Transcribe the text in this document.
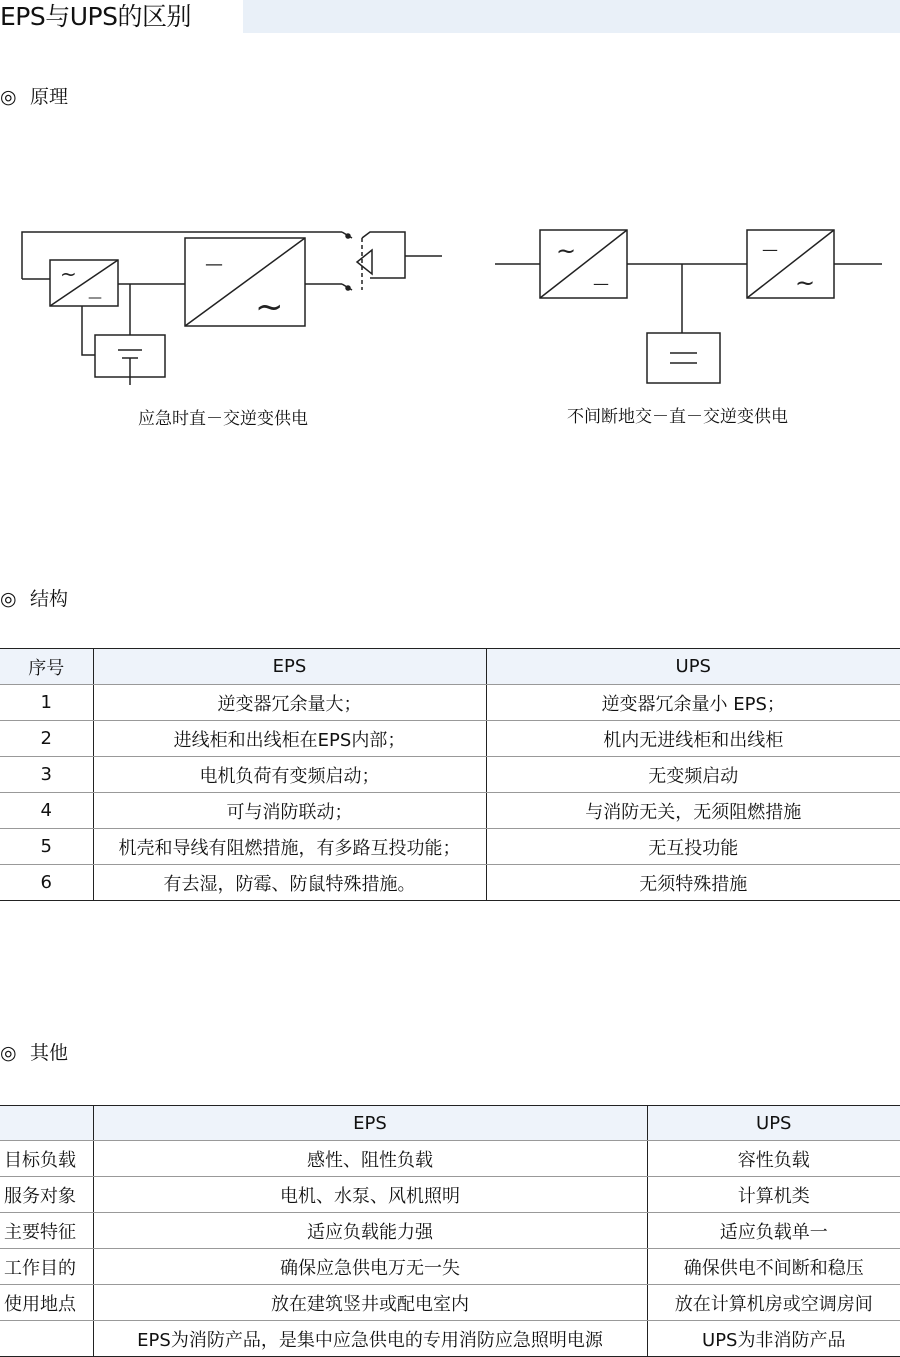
EPS与UPS的区别
◎ 原理
~
—
—
~
应急时直－交逆变供电
~
—
—
~
不间断地交－直－交逆变供电
◎ 结构
序号	EPS	UPS
1	逆变器冗余量大；	逆变器冗余量小 EPS；
2	进线柜和出线柜在EPS内部；	机内无进线柜和出线柜
3	电机负荷有变频启动；	无变频启动
4	可与消防联动；	与消防无关，无须阻燃措施
5	机壳和导线有阻燃措施，有多路互投功能；	无互投功能
6	有去湿，防霉、防鼠特殊措施。	无须特殊措施
◎ 其他
	EPS	UPS
目标负载	感性、阻性负载	容性负载
服务对象	电机、水泵、风机照明	计算机类
主要特征	适应负载能力强	适应负载单一
工作目的	确保应急供电万无一失	确保供电不间断和稳压
使用地点	放在建筑竖井或配电室内	放在计算机房或空调房间
	EPS为消防产品，是集中应急供电的专用消防应急照明电源	UPS为非消防产品
